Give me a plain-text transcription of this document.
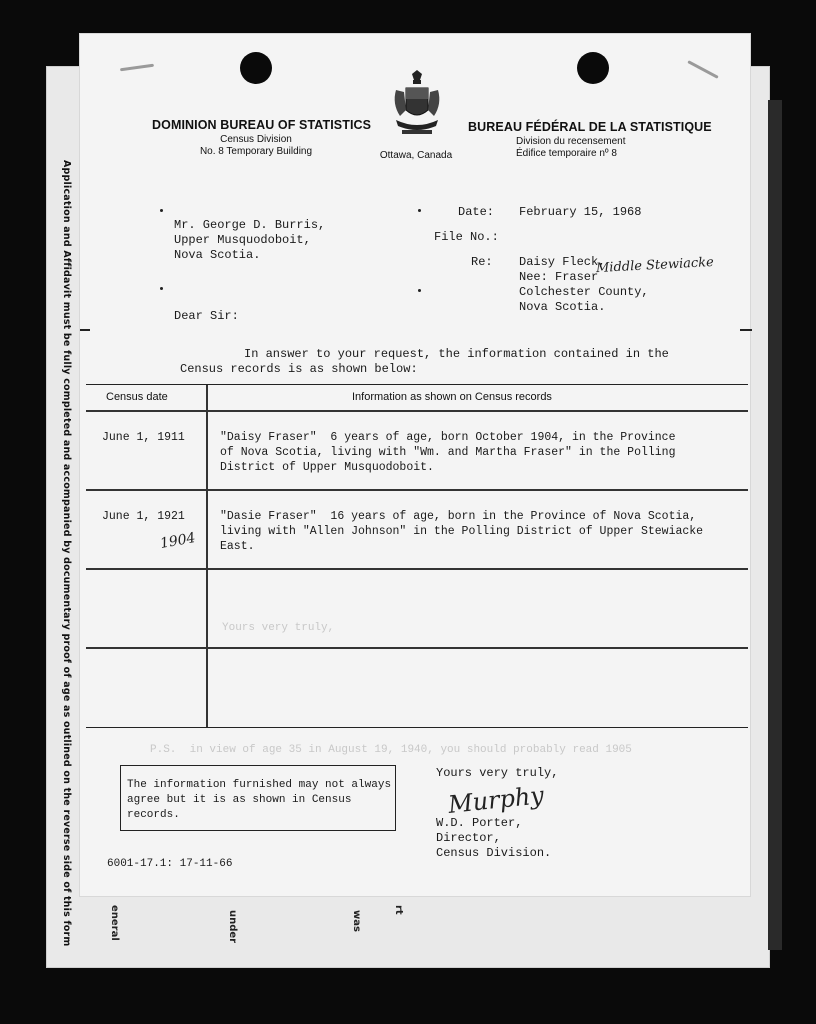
eneral	under	was
rt
Application and Affidavit must be fully completed and accompanied by documentary proof of age as outlined on the reverse side of this form
DOMINION BUREAU OF STATISTICS
Census Division
No. 8 Temporary Building	Ottawa, Canada
BUREAU FÉDÉRAL DE LA STATISTIQUE
Division du recensement
Édifice temporaire nº 8
Mr. George D. Burris,
Upper Musquodoboit,
Nova Scotia.
Date: February 15, 1968
File No.:
Re: Daisy Fleck,
Nee: Fraser
Middle Stewiacke
Colchester County,
Nova Scotia.
Dear Sir:
In answer to your request, the information contained in the
Census records is as shown below:
Yours very truly,
P.S.  in view of age 35 in August 19, 1940, you should probably read 1905
Census date	Information as shown on Census records
June 1, 1911	"Daisy Fraser"  6 years of age, born October 1904, in the Province
of Nova Scotia, living with "Wm. and Martha Fraser" in the Polling
District of Upper Musquodoboit.
June 1, 1921	"Dasie Fraser"  16 years of age, born in the Province of Nova Scotia,
living with "Allen Johnson" in the Polling District of Upper Stewiacke
East.
1904
The information furnished may not always
agree but it is as shown in Census
records.
Yours very truly,
Murphy
W.D. Porter,
Director,
Census Division.
6001-17.1: 17-11-66
